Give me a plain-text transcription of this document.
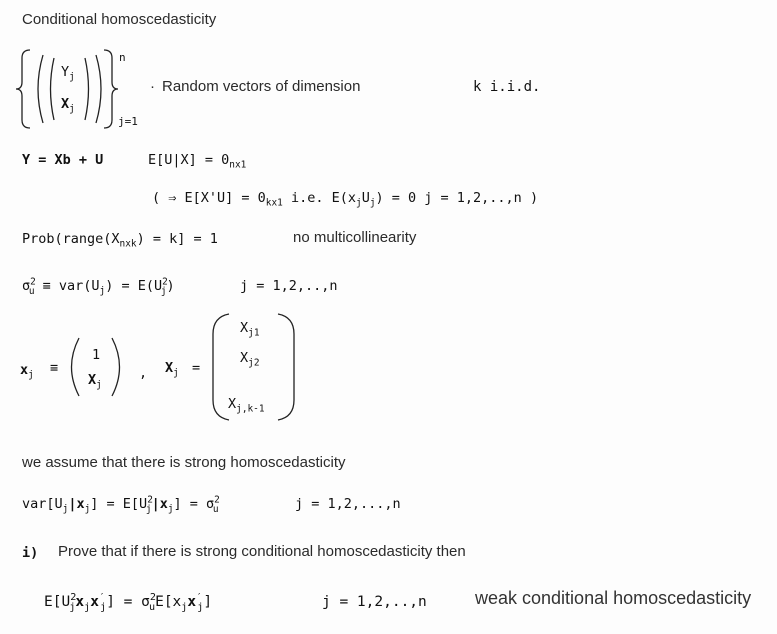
Conditional homoscedasticity
$Y_j$
$X_j$
n
j=1
· Random vectors of dimension	k i.i.d.
Y = Xb + U	$E[U|X] = 0_{nx1}$
( ⇒ $E[X'U] = 0_{kx1}$ i.e. $E(x_jU_j) = 0$ j = 1,2,..,n )
$Prob(range(X_{nxk}) = k] = 1$	no multicollinearity
$\sigma^2_u \equiv var(U_j) = E(U^2_j)$	j = 1,2,..,n
$x_j$ ≡
1
$X_j$
, $X_j$ =
$X_{j1}$
$X_{j2}$
$X_{j,k-1}$
we assume that there is strong homoscedasticity
$var[U_j|x_j] = E[U^2_j|x_j] = \sigma^2_u$	j = 1,2,...,n
i) Prove that if there is strong conditional homoscedasticity then
$E[U^2_jx_jx'_j] = \sigma^2_uE[x_jx'_j]$	j = 1,2,..,n	weak conditional homoscedasticity
